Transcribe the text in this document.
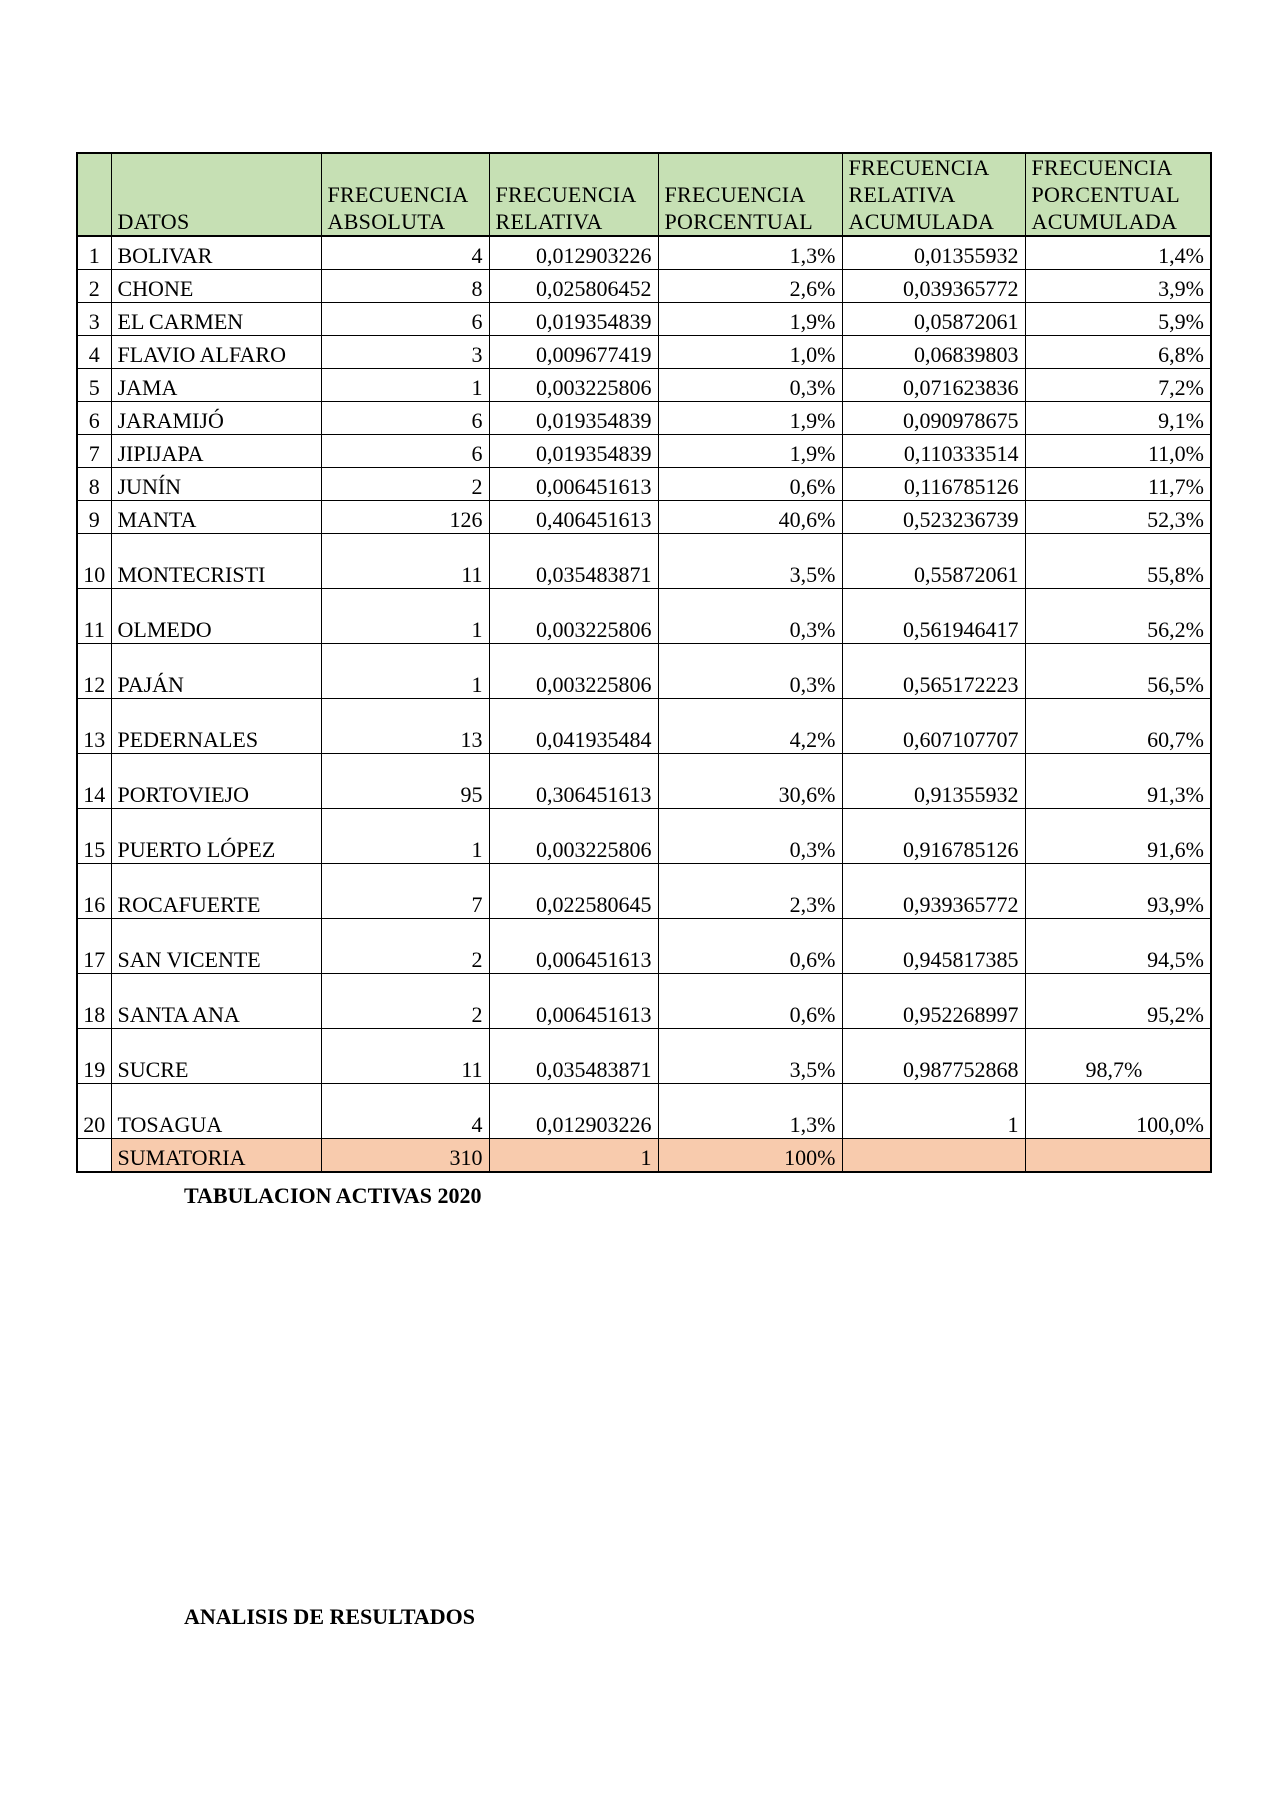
	DATOS	FRECUENCIA ABSOLUTA	FRECUENCIA RELATIVA	FRECUENCIA PORCENTUAL	FRECUENCIA RELATIVA ACUMULADA	FRECUENCIA PORCENTUAL ACUMULADA
1	BOLIVAR	4	0,012903226	1,3%	0,01355932	1,4%
2	CHONE	8	0,025806452	2,6%	0,039365772	3,9%
3	EL CARMEN	6	0,019354839	1,9%	0,05872061	5,9%
4	FLAVIO ALFARO	3	0,009677419	1,0%	0,06839803	6,8%
5	JAMA	1	0,003225806	0,3%	0,071623836	7,2%
6	JARAMIJÓ	6	0,019354839	1,9%	0,090978675	9,1%
7	JIPIJAPA	6	0,019354839	1,9%	0,110333514	11,0%
8	JUNÍN	2	0,006451613	0,6%	0,116785126	11,7%
9	MANTA	126	0,406451613	40,6%	0,523236739	52,3%
10	MONTECRISTI	11	0,035483871	3,5%	0,55872061	55,8%
11	OLMEDO	1	0,003225806	0,3%	0,561946417	56,2%
12	PAJÁN	1	0,003225806	0,3%	0,565172223	56,5%
13	PEDERNALES	13	0,041935484	4,2%	0,607107707	60,7%
14	PORTOVIEJO	95	0,306451613	30,6%	0,91355932	91,3%
15	PUERTO LÓPEZ	1	0,003225806	0,3%	0,916785126	91,6%
16	ROCAFUERTE	7	0,022580645	2,3%	0,939365772	93,9%
17	SAN VICENTE	2	0,006451613	0,6%	0,945817385	94,5%
18	SANTA ANA	2	0,006451613	0,6%	0,952268997	95,2%
19	SUCRE	11	0,035483871	3,5%	0,987752868	98,7%
20	TOSAGUA	4	0,012903226	1,3%	1	100,0%
	SUMATORIA	310	1	100%		
TABULACION ACTIVAS 2020
ANALISIS DE RESULTADOS
